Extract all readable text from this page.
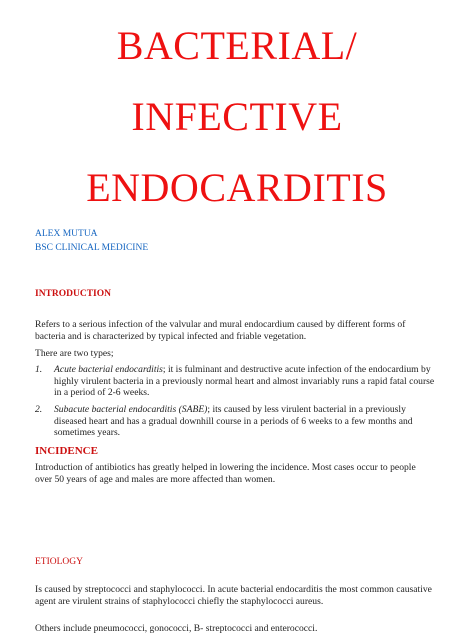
BACTERIAL/
INFECTIVE
ENDOCARDITIS
ALEX MUTUA
BSC CLINICAL MEDICINE
INTRODUCTION
Refers to a serious infection of the valvular and mural endocardium caused by different forms of bacteria and is characterized by typical infected and friable vegetation.
There are two types;
1. Acute bacterial endocarditis; it is fulminant and destructive acute infection of the endocardium by highly virulent bacteria in a previously normal heart and almost invariably runs a rapid fatal course in a period of 2-6 weeks.
2. Subacute bacterial endocarditis (SABE); its caused by less virulent bacterial in a previously diseased heart and has a gradual downhill course in a periods of 6 weeks to a few months and sometimes years.
INCIDENCE
Introduction of antibiotics has greatly helped in lowering the incidence. Most cases occur to people over 50 years of age and males are more affected than women.
ETIOLOGY
Is caused by streptococci and staphylococci. In acute bacterial endocarditis the most common causative agent are virulent strains of staphylococci chiefly the staphylococci aureus.
Others include pneumococci, gonococci, B- streptococci and enterococci.
